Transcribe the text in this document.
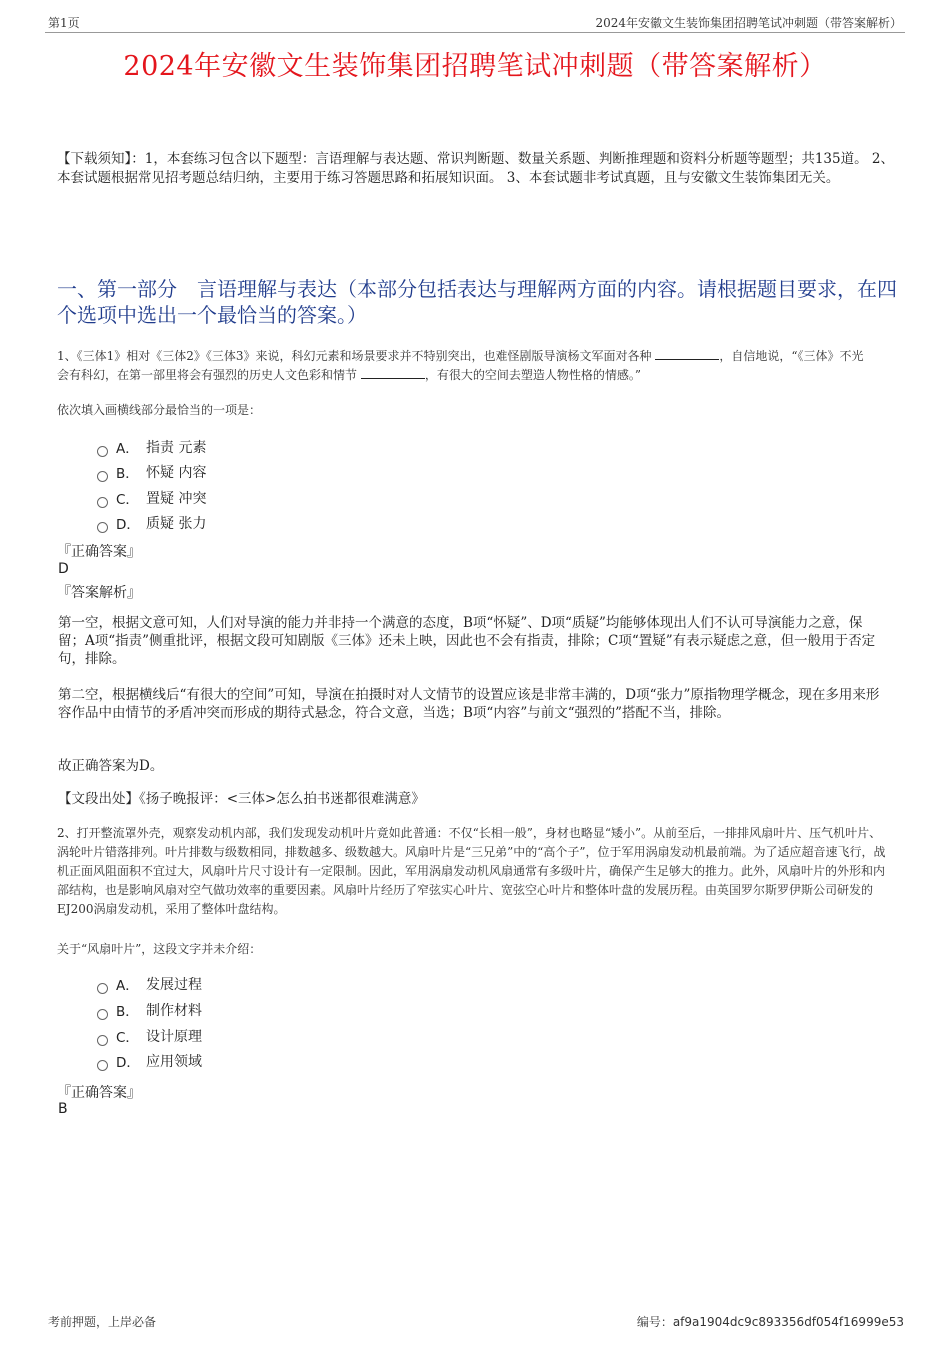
第1页	2024年安徽文生装饰集团招聘笔试冲刺题（带答案解析）
2024年安徽文生装饰集团招聘笔试冲刺题（带答案解析）
【下载须知】：1，本套练习包含以下题型：言语理解与表达题、常识判断题、数量关系题、判断推理题和资料分析题等题型；共135道。 2、本套试题根据常见招考题总结归纳，主要用于练习答题思路和拓展知识面。 3、本套试题非考试真题，且与安徽文生装饰集团无关。
一、第一部分　言语理解与表达（本部分包括表达与理解两方面的内容。请根据题目要求，在四个选项中选出一个最恰当的答案。）
1、《三体1》相对《三体2》《三体3》来说，科幻元素和场景要求并不特别突出，也难怪剧版导演杨文军面对各种	，自信地说，“《三体》不光会有科幻，在第一部里将会有强烈的历史人文色彩和情节	，有很大的空间去塑造人物性格的情感。”
依次填入画横线部分最恰当的一项是：
A． 指责 元素
B． 怀疑 内容
C． 置疑 冲突
D． 质疑 张力
『正确答案』
D
『答案解析』
第一空，根据文意可知，人们对导演的能力并非持一个满意的态度，B项“怀疑”、D项“质疑”均能够体现出人们不认可导演能力之意，保留；A项“指责”侧重批评，根据文段可知剧版《三体》还未上映，因此也不会有指责，排除；C项“置疑”有表示疑虑之意，但一般用于否定句，排除。
第二空，根据横线后“有很大的空间”可知，导演在拍摄时对人文情节的设置应该是非常丰满的，D项“张力”原指物理学概念，现在多用来形容作品中由情节的矛盾冲突而形成的期待式悬念，符合文意，当选；B项“内容”与前文“强烈的”搭配不当，排除。
故正确答案为D。
【文段出处】《扬子晚报评：<三体>怎么拍书迷都很难满意》
2、打开整流罩外壳，观察发动机内部，我们发现发动机叶片竟如此普通：不仅“长相一般”，身材也略显“矮小”。从前至后，一排排风扇叶片、压气机叶片、涡轮叶片错落排列。叶片排数与级数相同，排数越多、级数越大。风扇叶片是“三兄弟”中的“高个子”，位于军用涡扇发动机最前端。为了适应超音速飞行，战机正面风阻面积不宜过大，风扇叶片尺寸设计有一定限制。因此，军用涡扇发动机风扇通常有多级叶片，确保产生足够大的推力。此外，风扇叶片的外形和内部结构，也是影响风扇对空气做功效率的重要因素。风扇叶片经历了窄弦实心叶片、宽弦空心叶片和整体叶盘的发展历程。由英国罗尔斯罗伊斯公司研发的EJ200涡扇发动机，采用了整体叶盘结构。
关于“风扇叶片”，这段文字并未介绍：
A． 发展过程
B． 制作材料
C． 设计原理
D． 应用领域
『正确答案』
B
考前押题，上岸必备	编号：af9a1904dc9c893356df054f16999e53
